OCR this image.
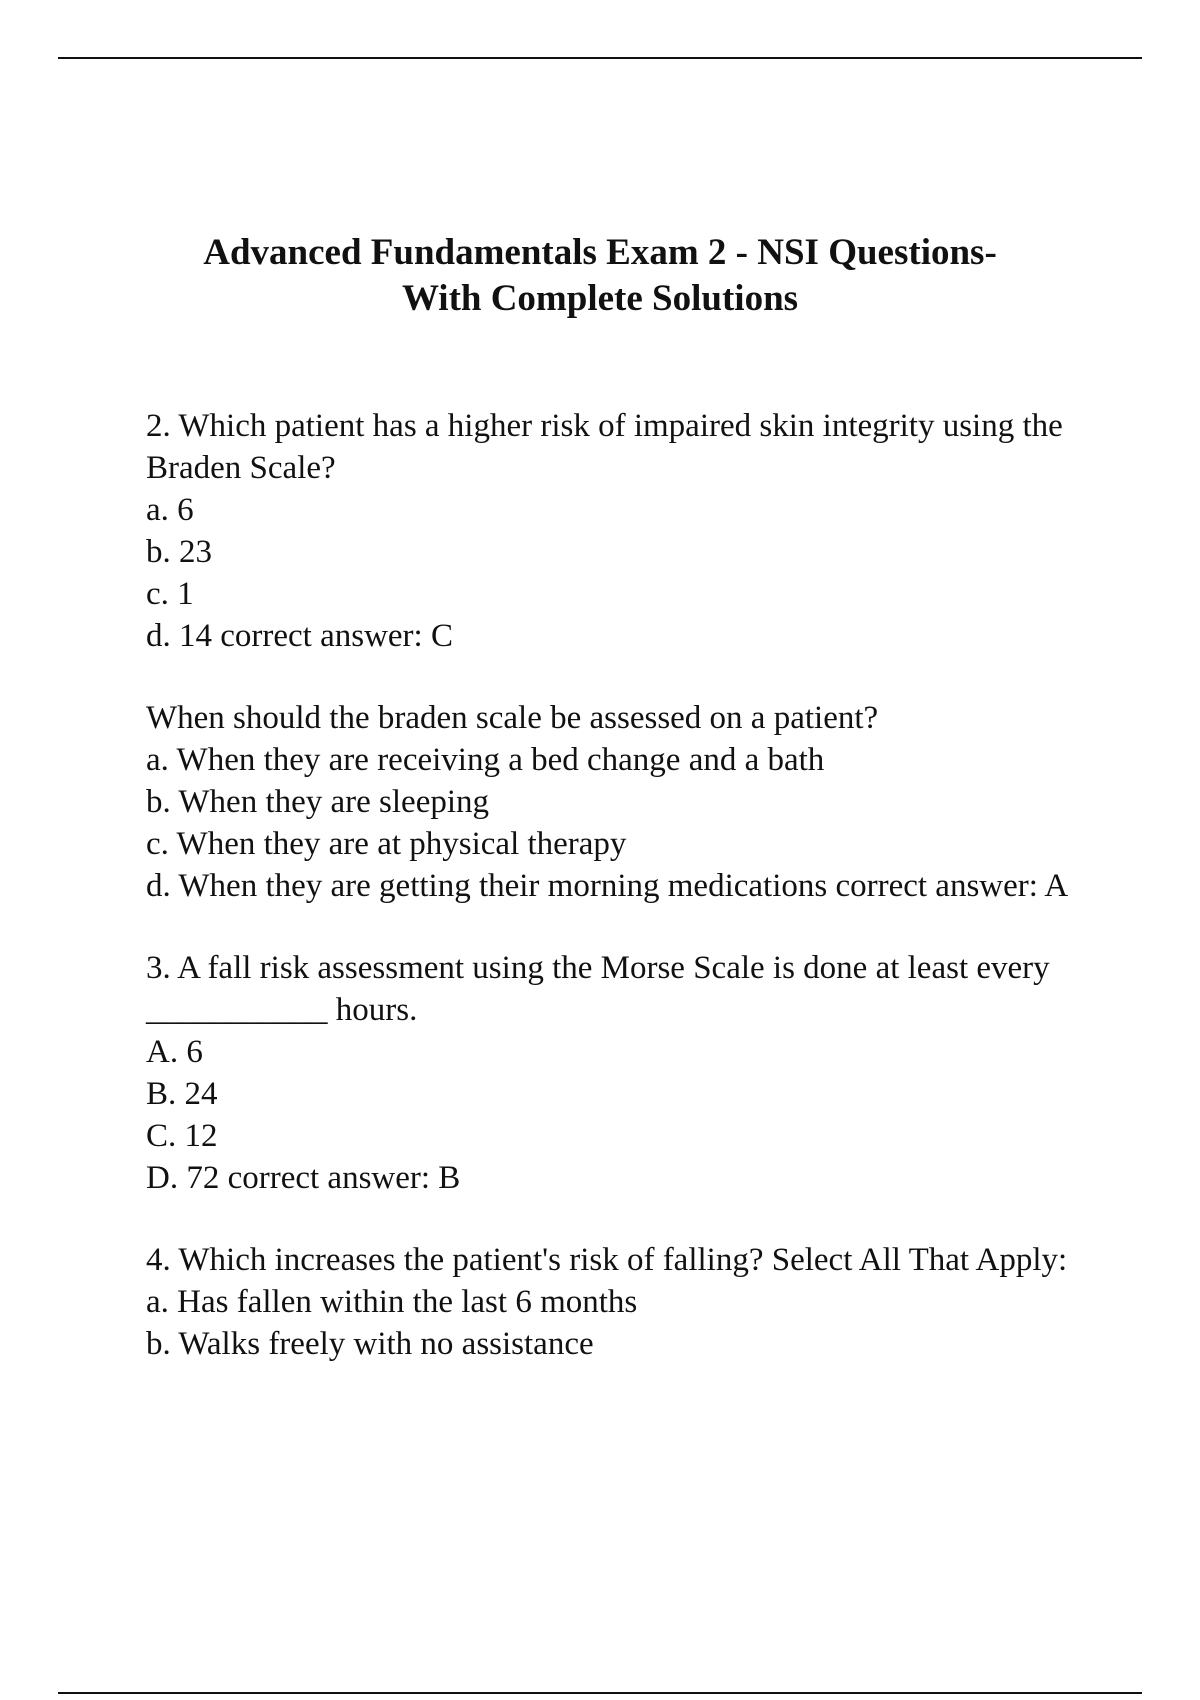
Advanced Fundamentals Exam 2 - NSI Questions-
With Complete Solutions

2. Which patient has a higher risk of impaired skin integrity using the Braden Scale?

a. 6

b. 23

c. 1

d. 14 correct answer: C

When should the braden scale be assessed on a patient?

a. When they are receiving a bed change and a bath

b. When they are sleeping

c. When they are at physical therapy

d. When they are getting their morning medications correct answer: A

3. A fall risk assessment using the Morse Scale is done at least every ___________ hours.

A. 6

B. 24

C. 12

D. 72 correct answer: B

4. Which increases the patient's risk of falling? Select All That Apply:

a. Has fallen within the last 6 months

b. Walks freely with no assistance
